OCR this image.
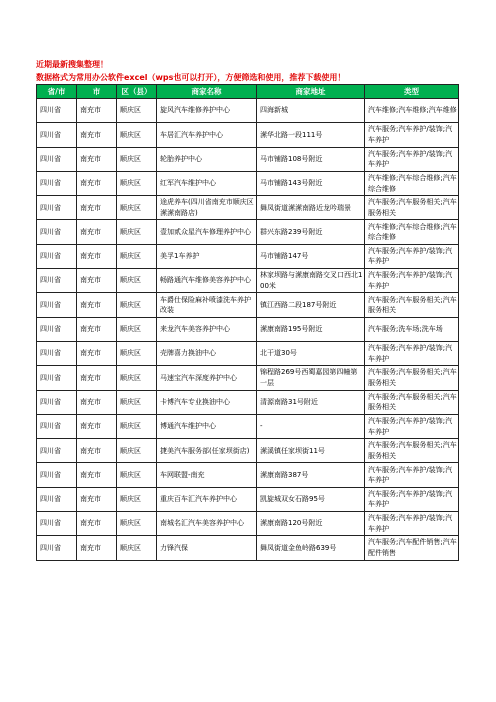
近期最新搜集整理！
数据格式为常用办公软件excel（wps也可以打开），方便筛选和使用，推荐下载使用！
省/市	市	区（县）	商家名称	商家地址	类型
四川省	南充市	顺庆区	旋风汽车维修养护中心	四海新城	汽车维修;汽车维修;汽车维修
四川省	南充市	顺庆区	车居汇汽车养护中心	潆华北路一段111号	汽车服务;汽车养护/装饰;汽车养护
四川省	南充市	顺庆区	轮胎养护中心	马市铺路108号附近	汽车服务;汽车养护/装饰;汽车养护
四川省	南充市	顺庆区	红军汽车维护中心	马市铺路143号附近	汽车维修;汽车综合维修;汽车综合维修
四川省	南充市	顺庆区	途虎养车(四川省南充市顺庆区潆潆南路店)	舞凤街道潆潆南路近龙吟瑞景	汽车服务;汽车服务相关;汽车服务相关
四川省	南充市	顺庆区	壹加贰众星汽车修理养护中心	群兴东路239号附近	汽车维修;汽车综合维修;汽车综合维修
四川省	南充市	顺庆区	美孚1车养护	马市铺路147号	汽车服务;汽车养护/装饰;汽车养护
四川省	南充市	顺庆区	畅路通汽车维修美容养护中心	林家坝路与潆康南路交叉口西北100米	汽车服务;汽车养护/装饰;汽车养护
四川省	南充市	顺庆区	车爵仕保险麻补喷漆洗车养护改装	镇江西路二段187号附近	汽车服务;汽车服务相关;汽车服务相关
四川省	南充市	顺庆区	来龙汽车美容养护中心	潆康南路195号附近	汽车服务;洗车场;洗车场
四川省	南充市	顺庆区	壳牌喜力换油中心	北干道30号	汽车服务;汽车养护/装饰;汽车养护
四川省	南充市	顺庆区	马速宝汽车深度养护中心	锦程路269号西蜀嘉园第四幢第一层	汽车服务;汽车服务相关;汽车服务相关
四川省	南充市	顺庆区	卡博汽车专业换油中心	清源南路31号附近	汽车服务;汽车服务相关;汽车服务相关
四川省	南充市	顺庆区	博通汽车维护中心	-	汽车服务;汽车养护/装饰;汽车养护
四川省	南充市	顺庆区	捷美汽车服务部(任家坝街店)	潆溪镇任家坝街11号	汽车服务;汽车服务相关;汽车服务相关
四川省	南充市	顺庆区	车网联盟-南充	潆康南路387号	汽车服务;汽车养护/装饰;汽车养护
四川省	南充市	顺庆区	重庆百车汇汽车养护中心	凯旋城双女石路95号	汽车服务;汽车养护/装饰;汽车养护
四川省	南充市	顺庆区	南城名汇汽车美容养护中心	潆康南路120号附近	汽车服务;汽车养护/装饰;汽车养护
四川省	南充市	顺庆区	力锋汽保	舞凤街道金鱼岭路639号	汽车服务;汽车配件销售;汽车配件销售
